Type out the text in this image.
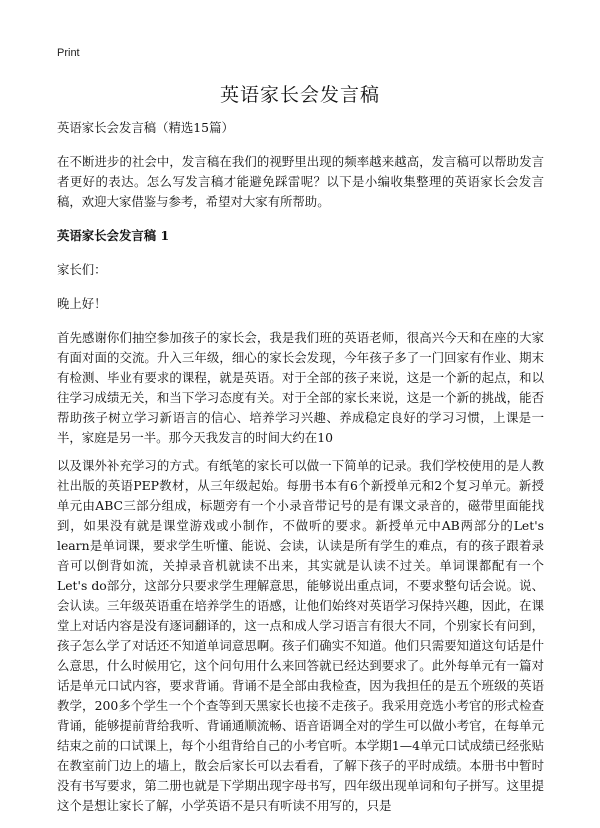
Print
英语家长会发言稿

英语家长会发言稿（精选15篇）

在不断进步的社会中，发言稿在我们的视野里出现的频率越来越高，发言稿可以帮助发言者更好的表达。怎么写发言稿才能避免踩雷呢？以下是小编收集整理的英语家长会发言稿，欢迎大家借鉴与参考，希望对大家有所帮助。

英语家长会发言稿 1

家长们：

晚上好！

首先感谢你们抽空参加孩子的家长会，我是我们班的英语老师，很高兴今天和在座的大家有面对面的交流。升入三年级，细心的家长会发现，今年孩子多了一门回家有作业、期末有检测、毕业有要求的课程，就是英语。对于全部的孩子来说，这是一个新的起点，和以往学习成绩无关，和当下学习态度有关。对于全部的家长来说，这是一个新的挑战，能否帮助孩子树立学习新语言的信心、培养学习兴趣、养成稳定良好的学习习惯，上课是一半，家庭是另一半。那今天我发言的时间大约在10

以及课外补充学习的方式。有纸笔的家长可以做一下简单的记录。我们学校使用的是人教社出版的英语PEP教材，从三年级起始。每册书本有6个新授单元和2个复习单元。新授单元由ABC三部分组成，标题旁有一个小录音带记号的是有课文录音的，磁带里面能找到，如果没有就是课堂游戏或小制作，不做听的要求。新授单元中AB两部分的Let's learn是单词课，要求学生听懂、能说、会读，认读是所有学生的难点，有的孩子跟着录音可以倒背如流，关掉录音机就读不出来，其实就是认读不过关。单词课都配有一个Let's do部分，这部分只要求学生理解意思，能够说出重点词，不要求整句话会说。说、会认读。三年级英语重在培养学生的语感，让他们始终对英语学习保持兴趣，因此，在课堂上对话内容是没有逐词翻译的，这一点和成人学习语言有很大不同，个别家长有问到，孩子怎么学了对话还不知道单词意思啊。孩子们确实不知道。他们只需要知道这句话是什么意思，什么时候用它，这个问句用什么来回答就已经达到要求了。此外每单元有一篇对话是单元口试内容，要求背诵。背诵不是全部由我检查，因为我担任的是五个班级的英语教学，200多个学生一个个查等到天黑家长也接不走孩子。我采用竞选小考官的形式检查背诵，能够提前背给我听、背诵通顺流畅、语音语调全对的学生可以做小考官，在每单元结束之前的口试课上，每个小组背给自己的小考官听。本学期1—4单元口试成绩已经张贴在教室前门边上的墙上，散会后家长可以去看看，了解下孩子的平时成绩。本册书中暂时没有书写要求，第二册也就是下学期出现字母书写，四年级出现单词和句子拼写。这里提这个是想让家长了解，小学英语不是只有听读不用写的，只是
